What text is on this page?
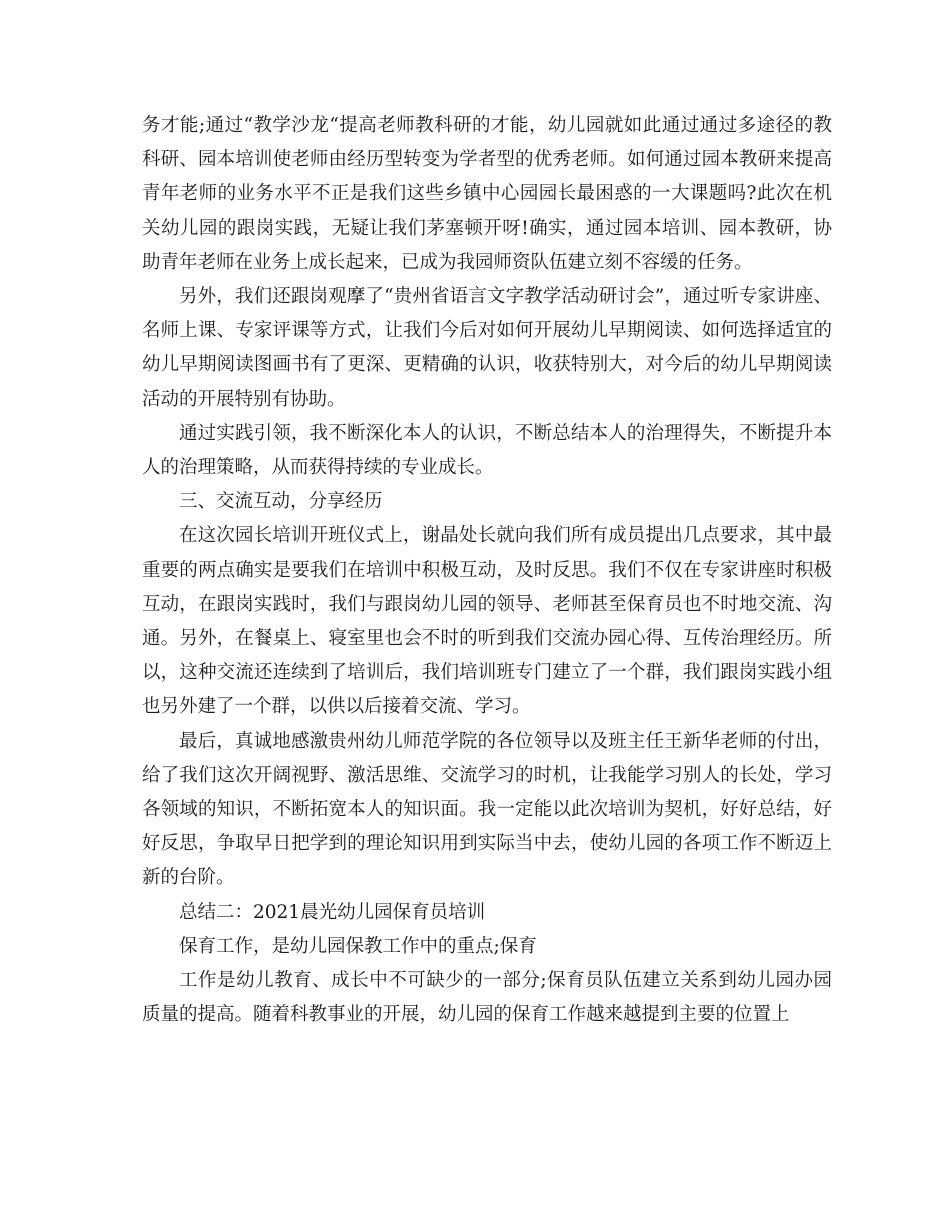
务才能;通过“教学沙龙“提高老师教科研的才能，幼儿园就如此通过通过多途径的教科研、园本培训使老师由经历型转变为学者型的优秀老师。如何通过园本教研来提高青年老师的业务水平不正是我们这些乡镇中心园园长最困惑的一大课题吗?此次在机关幼儿园的跟岗实践，无疑让我们茅塞顿开呀!确实，通过园本培训、园本教研，协助青年老师在业务上成长起来，已成为我园师资队伍建立刻不容缓的任务。

另外，我们还跟岗观摩了“贵州省语言文字教学活动研讨会”，通过听专家讲座、名师上课、专家评课等方式，让我们今后对如何开展幼儿早期阅读、如何选择适宜的幼儿早期阅读图画书有了更深、更精确的认识，收获特别大，对今后的幼儿早期阅读活动的开展特别有协助。

通过实践引领，我不断深化本人的认识，不断总结本人的治理得失，不断提升本人的治理策略，从而获得持续的专业成长。

三、交流互动，分享经历

在这次园长培训开班仪式上，谢晶处长就向我们所有成员提出几点要求，其中最重要的两点确实是要我们在培训中积极互动，及时反思。我们不仅在专家讲座时积极互动，在跟岗实践时，我们与跟岗幼儿园的领导、老师甚至保育员也不时地交流、沟通。另外，在餐桌上、寝室里也会不时的听到我们交流办园心得、互传治理经历。所以，这种交流还连续到了培训后，我们培训班专门建立了一个群，我们跟岗实践小组也另外建了一个群，以供以后接着交流、学习。

最后，真诚地感激贵州幼儿师范学院的各位领导以及班主任王新华老师的付出，给了我们这次开阔视野、激活思维、交流学习的时机，让我能学习别人的长处，学习各领域的知识，不断拓宽本人的知识面。我一定能以此次培训为契机，好好总结，好好反思，争取早日把学到的理论知识用到实际当中去，使幼儿园的各项工作不断迈上新的台阶。

总结二：2021晨光幼儿园保育员培训

保育工作，是幼儿园保教工作中的重点;保育

工作是幼儿教育、成长中不可缺少的一部分;保育员队伍建立关系到幼儿园办园质量的提高。随着科教事业的开展，幼儿园的保育工作越来越提到主要的位置上
